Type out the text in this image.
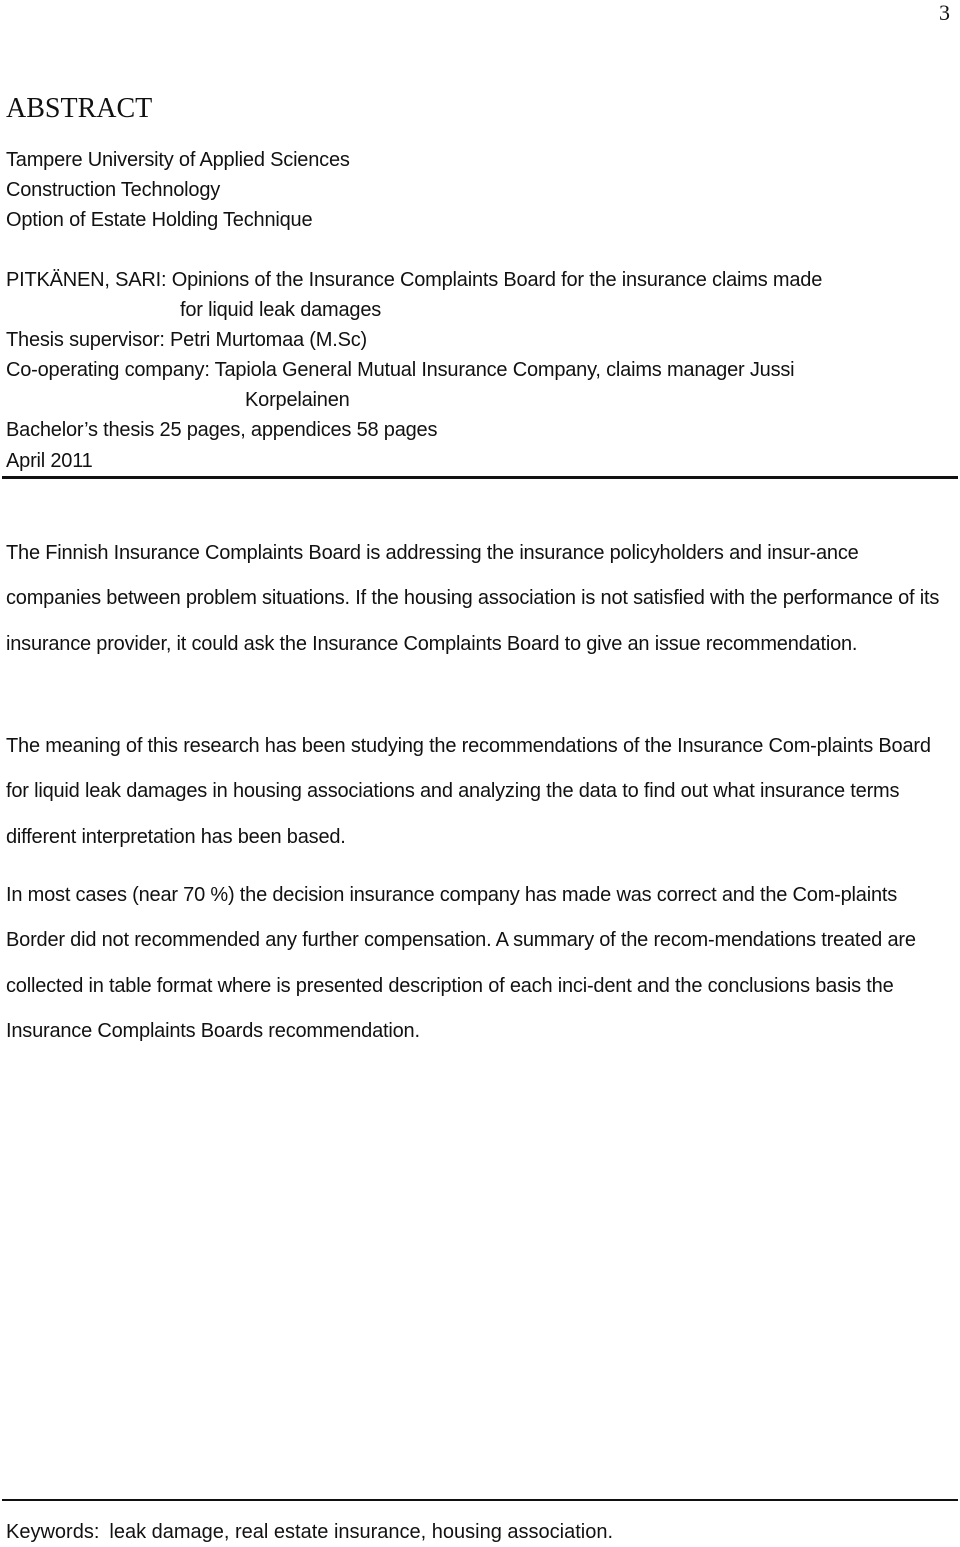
3
ABSTRACT
Tampere University of Applied Sciences
Construction Technology
Option of Estate Holding Technique
PITKÄNEN, SARI: Opinions of the Insurance Complaints Board for the insurance claims made
for liquid leak damages
Thesis supervisor: Petri Murtomaa (M.Sc)
Co-operating company: Tapiola General Mutual Insurance Company, claims manager Jussi
Korpelainen
Bachelor’s thesis 25 pages, appendices 58 pages
April 2011

The Finnish Insurance Complaints Board is addressing the insurance policyholders and insur-ance companies between problem situations. If the housing association is not satisfied with the performance of its insurance provider, it could ask the Insurance Complaints Board to give an issue recommendation.

The meaning of this research has been studying the recommendations of the Insurance Com-plaints Board for liquid leak damages in housing associations and analyzing the data to find out what insurance terms different interpretation has been based.

In most cases (near 70 %) the decision insurance company has made was correct and the Com-plaints Border did not recommended any further compensation. A summary of the recom-mendations treated are collected in table format where is presented description of each inci-dent and the conclusions basis the Insurance Complaints Boards recommendation.

Keywords: leak damage, real estate insurance, housing association.
